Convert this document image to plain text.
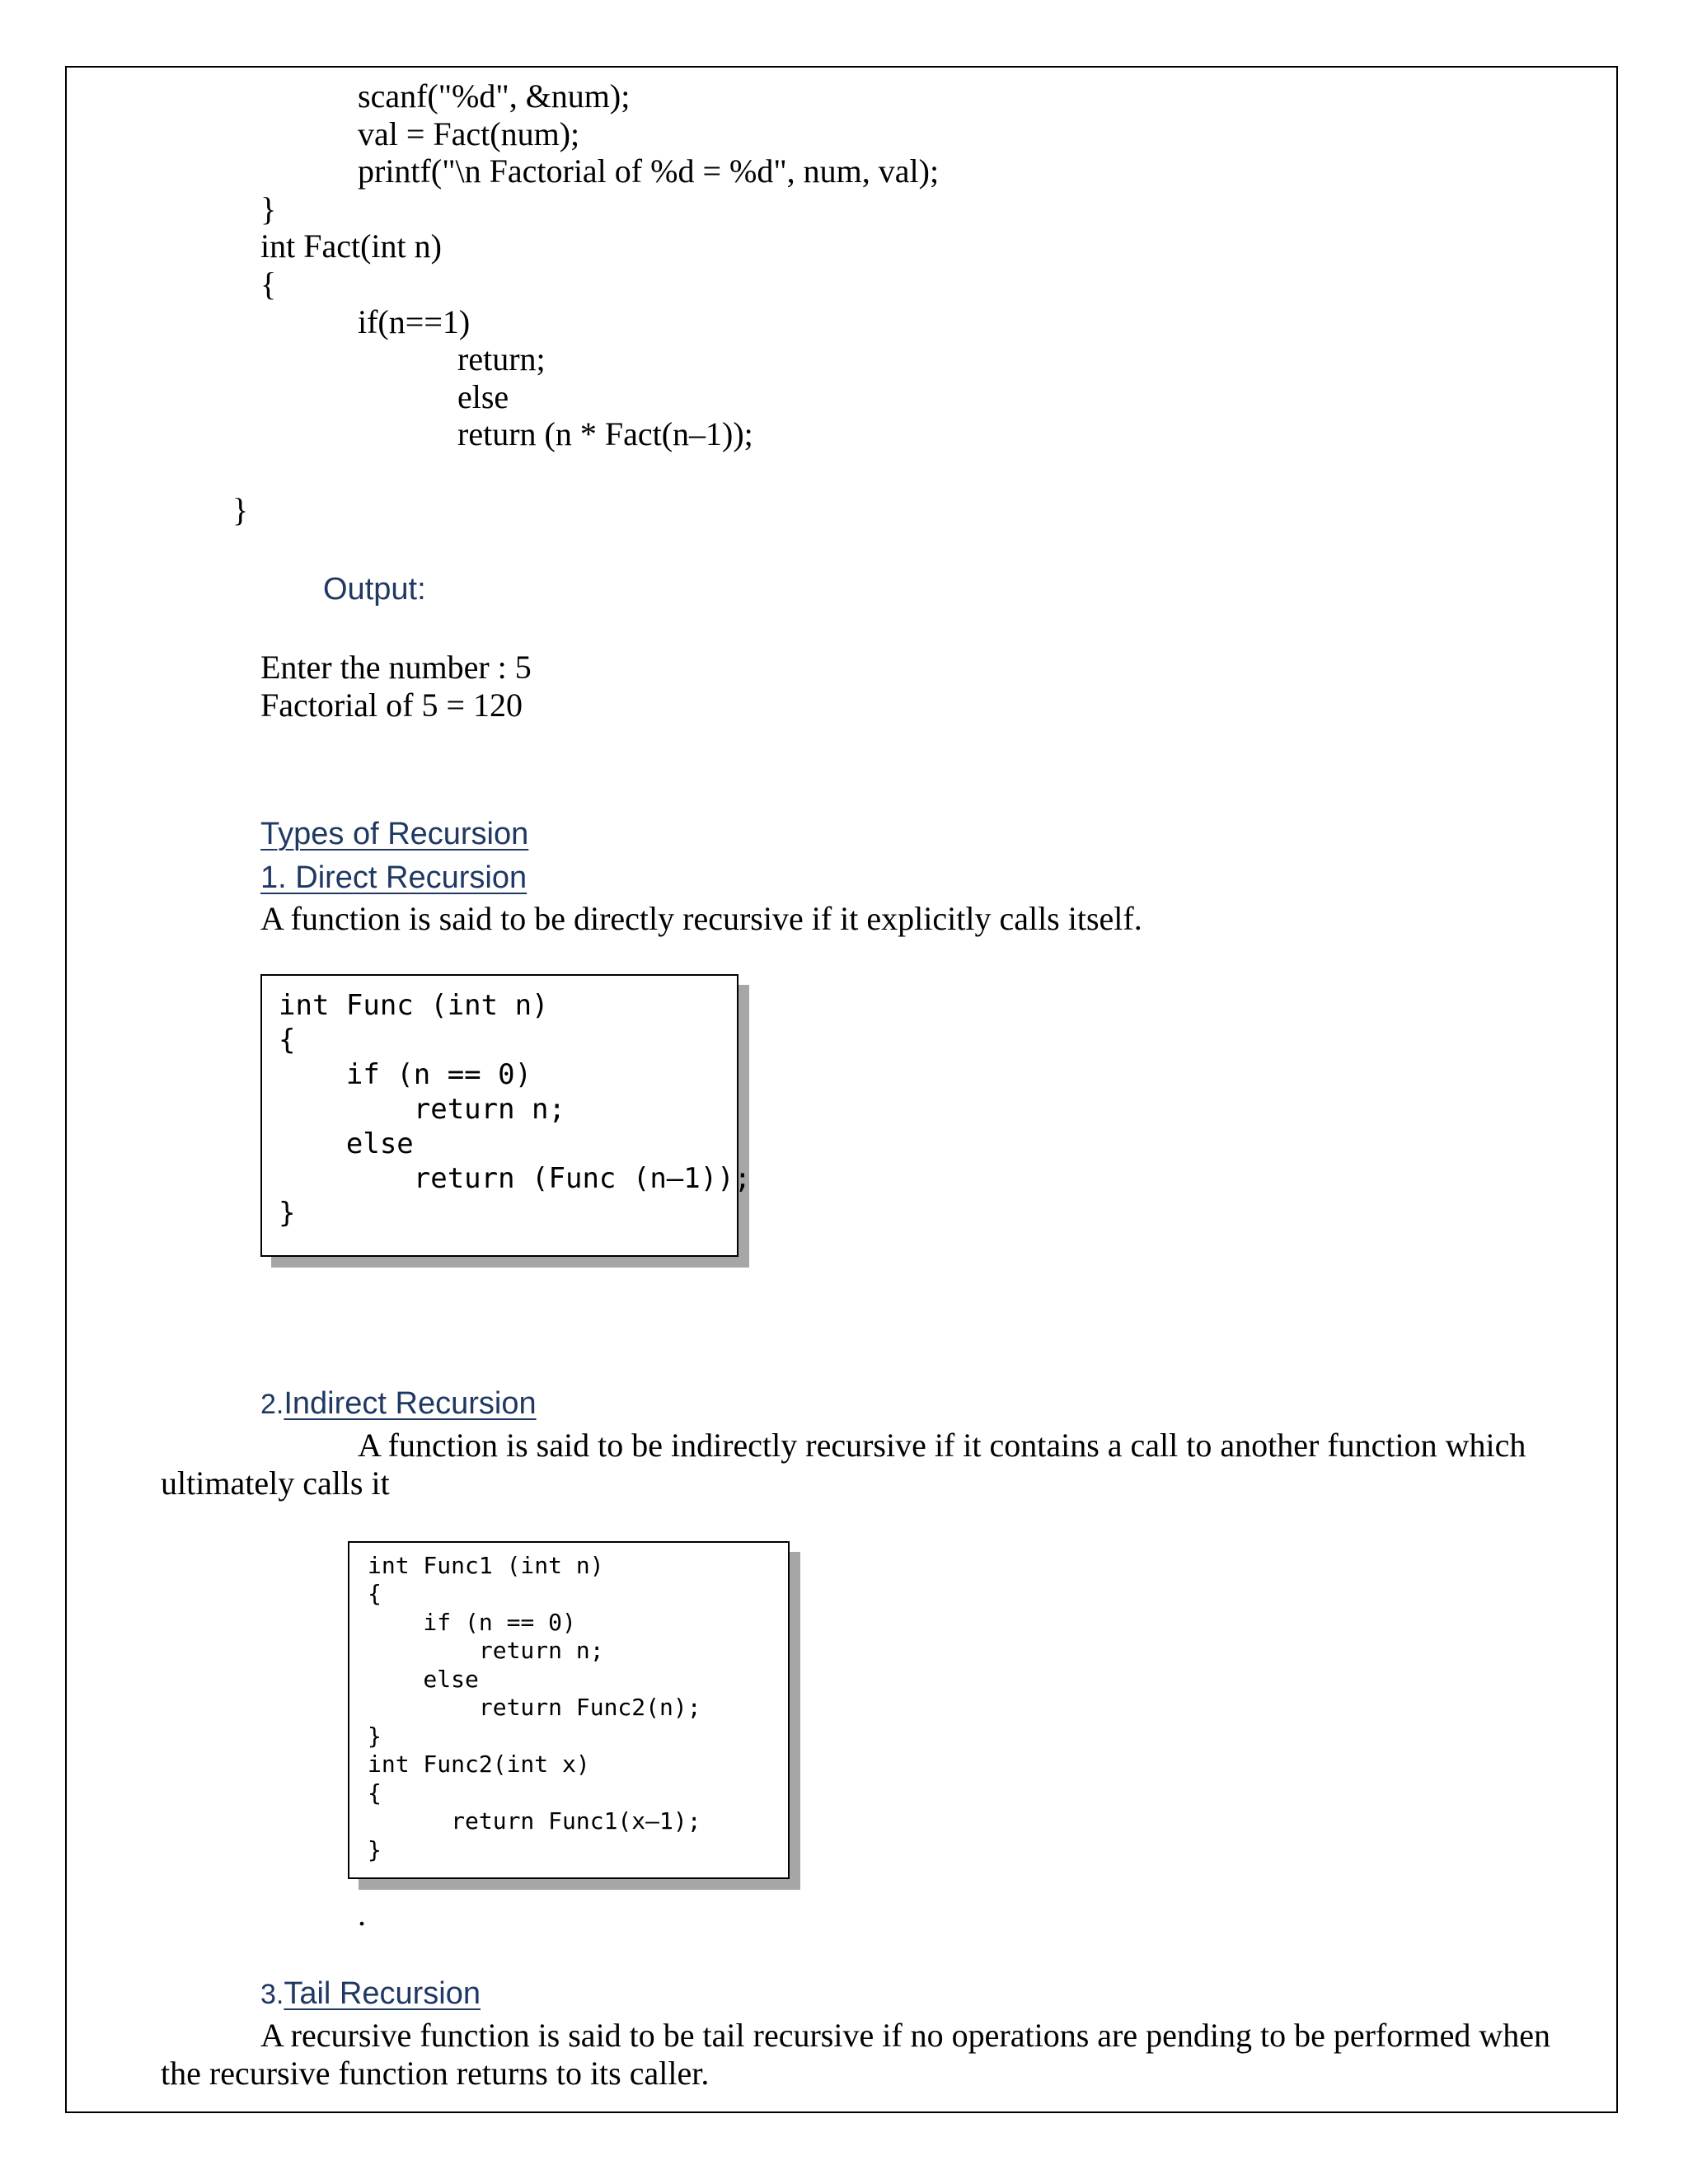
scanf("%d", &num);
val = Fact(num);
printf("\n Factorial of %d = %d", num, val);
}
int Fact(int n)
{
if(n==1)
return;
else
return (n * Fact(n–1));
}
Output:
Enter the number : 5
Factorial of 5 = 120
Types of Recursion
1. Direct Recursion
A function is said to be directly recursive if it explicitly calls itself.
int Func (int n)
{
if (n == 0)
return n;
else
return (Func (n–1));
}
2.Indirect Recursion
A function is said to be indirectly recursive if it contains a call to another function which
ultimately calls it
int Func1 (int n)
{
if (n == 0)
return n;
else
return Func2(n);
}
int Func2(int x)
{
return Func1(x–1);
}
.
3.Tail Recursion
A recursive function is said to be tail recursive if no operations are pending to be performed when
the recursive function returns to its caller.
